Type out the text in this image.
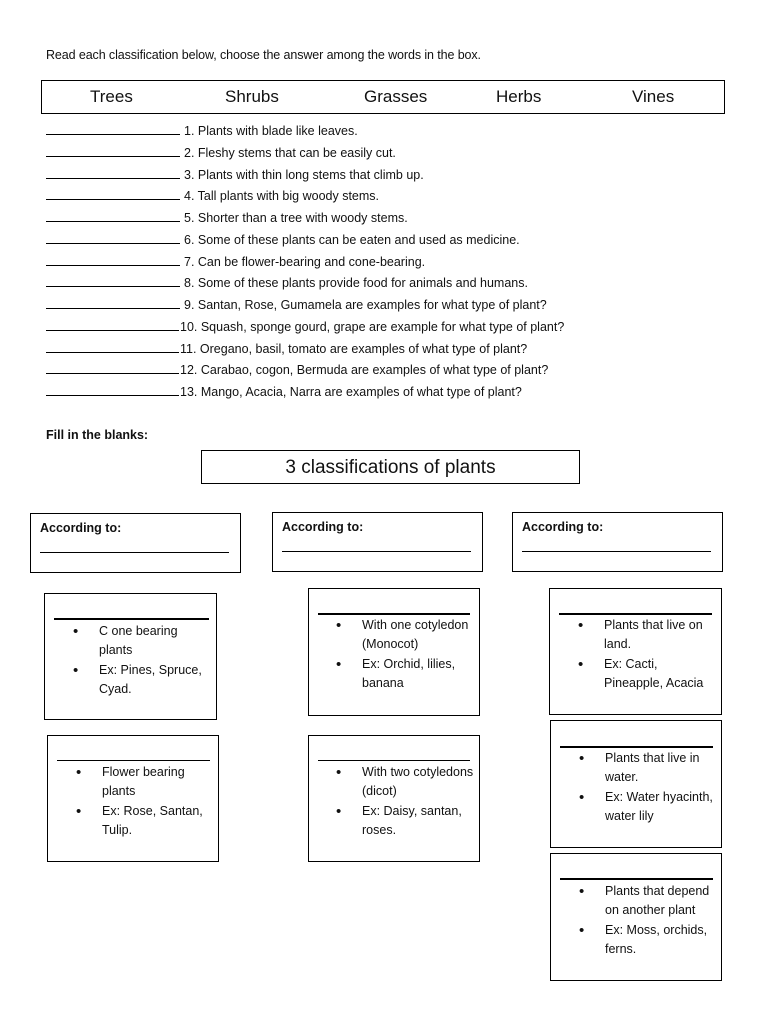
Read each classification below, choose the answer among the words in the box.
Trees	Shrubs	Grasses	Herbs	Vines
1. Plants with blade like leaves.
2. Fleshy stems that can be easily cut.
3. Plants with thin long stems that climb up.
4. Tall plants with big woody stems.
5. Shorter than a tree with woody stems.
6. Some of these plants can be eaten and used as medicine.
7. Can be flower-bearing and cone-bearing.
8. Some of these plants provide food for animals and humans.
9. Santan, Rose, Gumamela are examples for what type of plant?
10. Squash, sponge gourd, grape are example for what type of plant?
11. Oregano, basil, tomato are examples of what type of plant?
12. Carabao, cogon, Bermuda are examples of what type of plant?
13. Mango, Acacia, Narra are examples of what type of plant?
Fill in the blanks:
3 classifications of plants
According to:	According to:	According to:
• C one bearing plants
• Ex: Pines, Spruce, Cyad.
• Flower bearing plants
• Ex: Rose, Santan, Tulip.
• With one cotyledon (Monocot)
• Ex: Orchid, lilies, banana
• With two cotyledons (dicot)
• Ex: Daisy, santan, roses.
• Plants that live on land.
• Ex: Cacti, Pineapple, Acacia
• Plants that live in water.
• Ex: Water hyacinth, water lily
• Plants that depend on another plant
• Ex: Moss, orchids, ferns.
